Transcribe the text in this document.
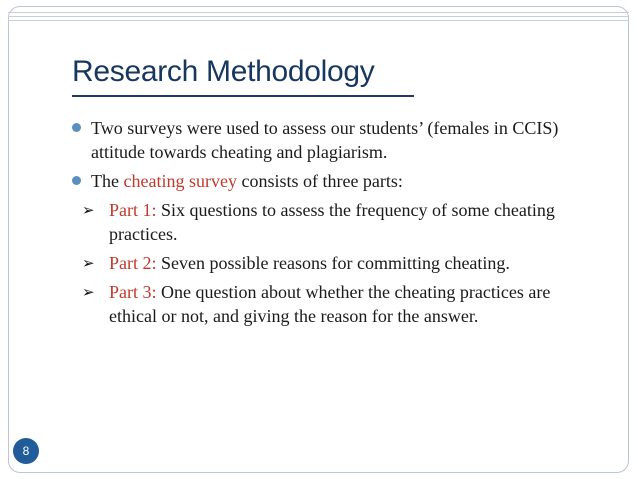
Research Methodology
Two surveys were used to assess our students’ (females in CCIS) attitude towards cheating and plagiarism.
The cheating survey consists of three parts:
➢ Part 1: Six questions to assess the frequency of some cheating practices.
➢ Part 2: Seven possible reasons for committing cheating.
➢ Part 3: One question about whether the cheating practices are ethical or not, and giving the reason for the answer.
8
